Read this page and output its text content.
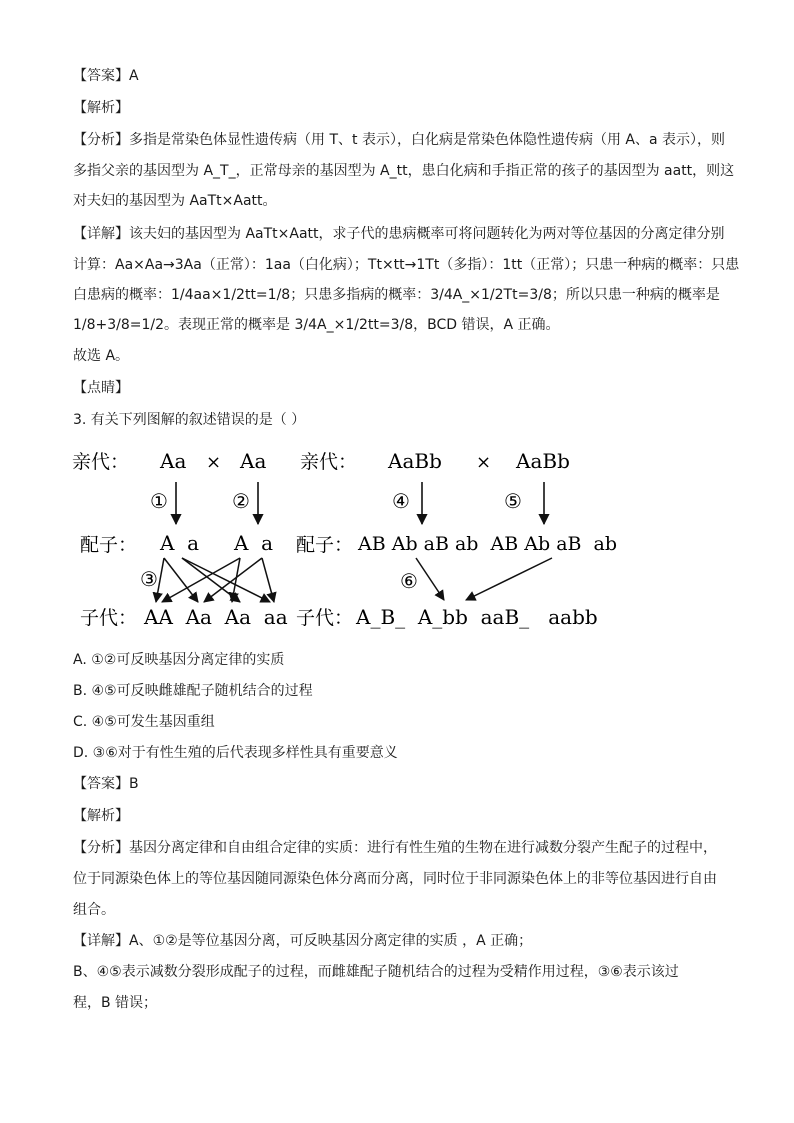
【答案】A
【解析】
【分析】多指是常染色体显性遗传病（用 T、t 表示），白化病是常染色体隐性遗传病（用 A、a 表示），则
多指父亲的基因型为 A_T_，正常母亲的基因型为 A_tt，患白化病和手指正常的孩子的基因型为 aatt，则这
对夫妇的基因型为 AaTt×Aatt。
【详解】该夫妇的基因型为 AaTt×Aatt，求子代的患病概率可将问题转化为两对等位基因的分离定律分别
计算：Aa×Aa→3Aa（正常）：1aa（白化病）；Tt×tt→1Tt（多指）：1tt（正常）；只患一种病的概率：只患
白患病的概率：1/4aa×1/2tt=1/8；只患多指病的概率：3/4A_×1/2Tt=3/8；所以只患一种病的概率是
1/8+3/8=1/2。表现正常的概率是 3/4A_×1/2tt=3/8，BCD 错误，A 正确。
故选 A。
【点睛】
3. 有关下列图解的叙述错误的是（ ）
亲代：	亲代：
配子：	配子：
子代：	子代：
Aa × Aa	AaBb × AaBb
①	②	④	⑤
③	⑥
A  a A  a	AB Ab aB ab  AB Ab aB  ab
AA  Aa  Aa  aa	A_B_  A_bb  aaB_   aabb
A. ①②可反映基因分离定律的实质
B. ④⑤可反映雌雄配子随机结合的过程
C. ④⑤可发生基因重组
D. ③⑥对于有性生殖的后代表现多样性具有重要意义
【答案】B
【解析】
【分析】基因分离定律和自由组合定律的实质：进行有性生殖的生物在进行减数分裂产生配子的过程中，
位于同源染色体上的等位基因随同源染色体分离而分离，同时位于非同源染色体上的非等位基因进行自由
组合。
【详解】A、①②是等位基因分离，可反映基因分离定律的实质 ，A 正确；
B、④⑤表示减数分裂形成配子的过程，而雌雄配子随机结合的过程为受精作用过程，③⑥表示该过
程，B 错误；
